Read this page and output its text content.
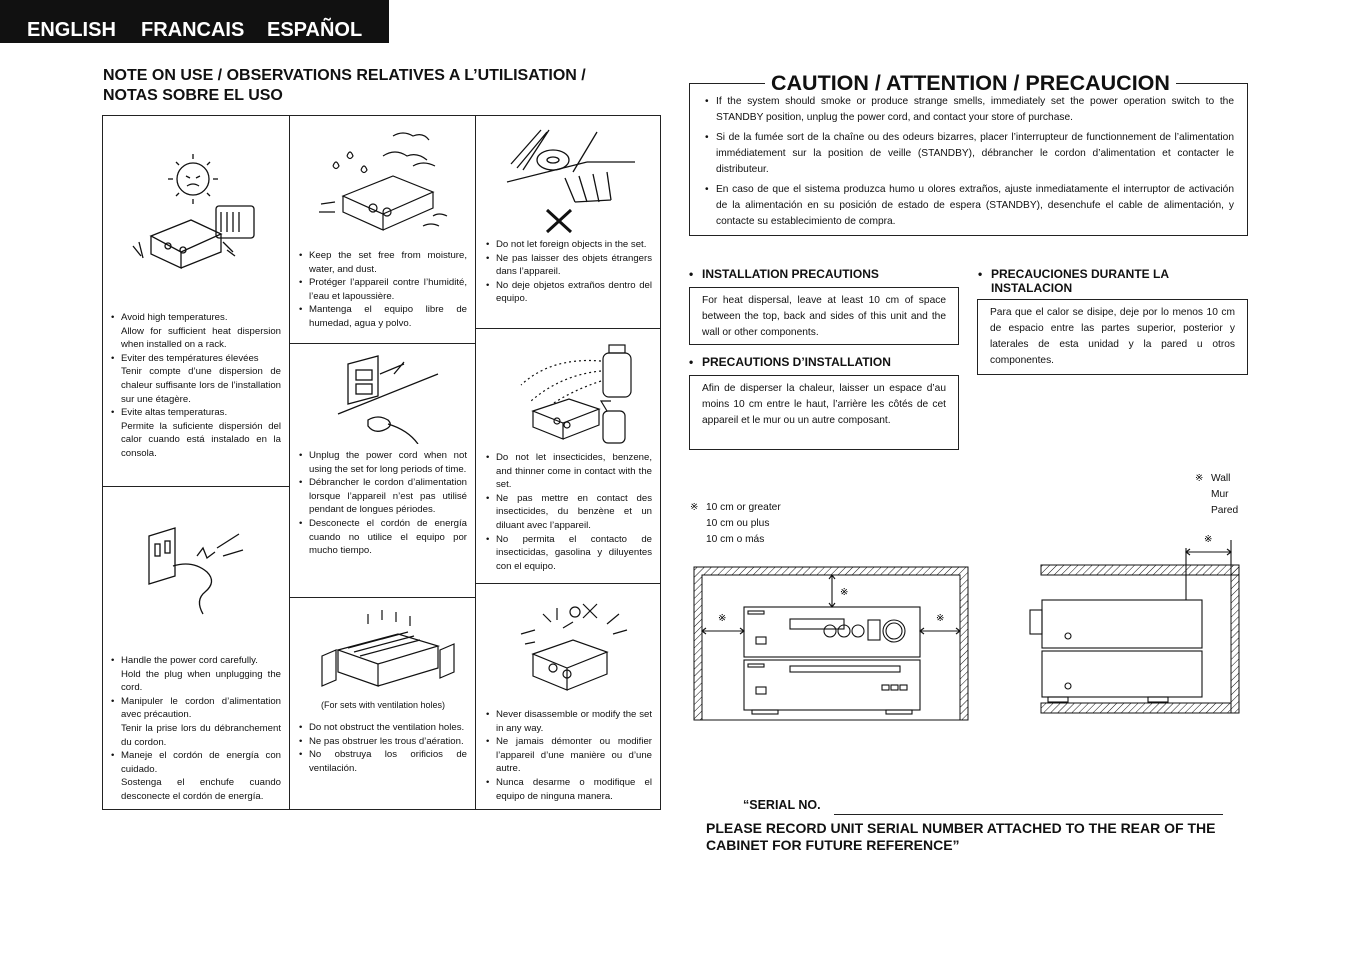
ENGLISH FRANCAIS ESPAÑOL
NOTE ON USE / OBSERVATIONS RELATIVES A L’UTILISATION /
NOTAS SOBRE EL USO
• Avoid high temperatures.
Allow for sufficient heat dispersion when installed on a rack.
• Eviter des températures élevées
Tenir compte d’une dispersion de chaleur suffisante lors de l’installation sur une étagère.
• Evite altas temperaturas.
Permite la suficiente dispersión del calor cuando está instalado en la consola.
• Handle the power cord carefully.
Hold the plug when unplugging the cord.
• Manipuler le cordon d’alimentation avec précaution.
Tenir la prise lors du débranchement du cordon.
• Maneje el cordón de energía con cuidado.
Sostenga el enchufe cuando desconecte el cordón de energía.
• Keep the set free from moisture, water, and dust.
• Protéger l’appareil contre l’humidité, l’eau et lapoussière.
• Mantenga el equipo libre de humedad, agua y polvo.
• Unplug the power cord when not using the set for long periods of time.
• Débrancher le cordon d’alimentation lorsque l’appareil n’est pas utilisé pendant de longues périodes.
• Desconecte el cordón de energía cuando no utilice el equipo por mucho tiempo.
(For sets with ventilation holes)
• Do not obstruct the ventilation holes.
• Ne pas obstruer les trous d’aération.
• No obstruya los orificios de ventilación.
• Do not let foreign objects in the set.
• Ne pas laisser des objets étrangers dans l’appareil.
• No deje objetos extraños dentro del equipo.
• Do not let insecticides, benzene, and thinner come in contact with the set.
• Ne pas mettre en contact des insecticides, du benzène et un diluant avec l’appareil.
• No permita el contacto de insecticidas, gasolina y diluyentes con el equipo.
• Never disassemble or modify the set in any way.
• Ne jamais démonter ou modifier l’appareil d’une manière ou d’une autre.
• Nunca desarme o modifique el equipo de ninguna manera.
CAUTION / ATTENTION / PRECAUCION
• If the system should smoke or produce strange smells, immediately set the power operation switch to the STANDBY position, unplug the power cord, and contact your store of purchase.
• Si de la fumée sort de la chaîne ou des odeurs bizarres, placer l’interrupteur de functionnement de l’alimentation immédiatement sur la position de veille (STANDBY), débrancher le cordon d’alimentation et contacter le distributeur.
• En caso de que el sistema produzca humo u olores extraños, ajuste inmediatamente el interruptor de activación de la alimentación en su posición de estado de espera (STANDBY), desenchufe el cable de alimentación, y contacte su establecimiento de compra.
• INSTALLATION PRECAUTIONS
For heat dispersal, leave at least 10 cm of space between the top, back and sides of this unit and the wall or other components.
• PRECAUTIONS D’INSTALLATION
Afin de disperser la chaleur, laisser un espace d’au moins 10 cm entre le haut, l’arrière les côtés de cet appareil et le mur ou un autre composant.
• PRECAUCIONES DURANTE LA
INSTALACION
Para que el calor se disipe, deje por lo menos 10 cm de espacio entre las partes superior, posterior y laterales de esta unidad y la pared u otros componentes.
※ 10 cm or greater
10 cm ou plus
10 cm o más
※ Wall
Mur
Pared
※	※
※
※
“SERIAL NO.
PLEASE RECORD UNIT SERIAL NUMBER ATTACHED TO THE REAR OF THE
CABINET FOR FUTURE REFERENCE”
